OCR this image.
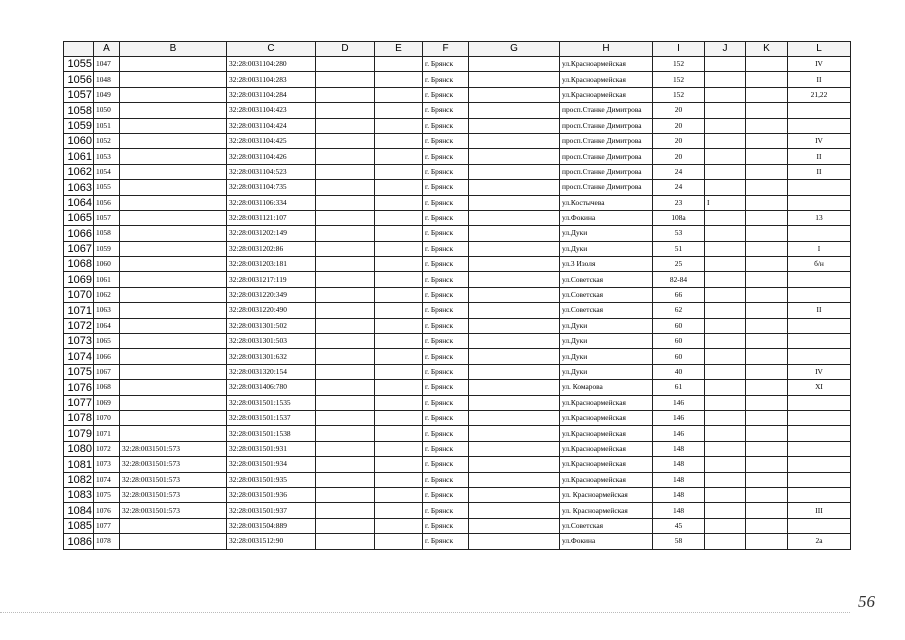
	A	B	C	D	E	F	G	H	I	J	K	L
1055	1047		32:28:0031104:280			г. Брянск		ул.Красноармейская	152			IV
1056	1048		32:28:0031104:283			г. Брянск		ул.Красноармейская	152			II
1057	1049		32:28:0031104:284			г. Брянск		ул.Красноармейская	152			21,22
1058	1050		32:28:0031104:423			г. Брянск		просп.Станке Димитрова	20			
1059	1051		32:28:0031104:424			г. Брянск		просп.Станке Димитрова	20			
1060	1052		32:28:0031104:425			г. Брянск		просп.Станке Димитрова	20			IV
1061	1053		32:28:0031104:426			г. Брянск		просп.Станке Димитрова	20			II
1062	1054		32:28:0031104:523			г. Брянск		просп.Станке Димитрова	24			II
1063	1055		32:28:0031104:735			г. Брянск		просп.Станке Димитрова	24			
1064	1056		32:28:0031106:334			г. Брянск		ул.Костычева	23	I		
1065	1057		32:28:0031121:107			г. Брянск		ул.Фокина	108а			13
1066	1058		32:28:0031202:149			г. Брянск		ул.Дуки	53			
1067	1059		32:28:0031202:86			г. Брянск		ул.Дуки	51			I
1068	1060		32:28:0031203:181			г. Брянск		ул.3 Изоля	25			б/н
1069	1061		32:28:0031217:119			г. Брянск		ул.Советская	82-84			
1070	1062		32:28:0031220:349			г. Брянск		ул.Советская	66			
1071	1063		32:28:0031220:490			г. Брянск		ул.Советская	62			II
1072	1064		32:28:0031301:502			г. Брянск		ул.Дуки	60			
1073	1065		32:28:0031301:503			г. Брянск		ул.Дуки	60			
1074	1066		32:28:0031301:632			г. Брянск		ул.Дуки	60			
1075	1067		32:28:0031320:154			г. Брянск		ул.Дуки	40			IV
1076	1068		32:28:0031406:780			г. Брянск		ул. Комарова	61			XI
1077	1069		32:28:0031501:1535			г. Брянск		ул.Красноармейская	146			
1078	1070		32:28:0031501:1537			г. Брянск		ул.Красноармейская	146			
1079	1071		32:28:0031501:1538			г. Брянск		ул.Красноармейская	146			
1080	1072	32:28:0031501:573	32:28:0031501:931			г. Брянск		ул.Красноармейская	148			
1081	1073	32:28:0031501:573	32:28:0031501:934			г. Брянск		ул.Красноармейская	148			
1082	1074	32:28:0031501:573	32:28:0031501:935			г. Брянск		ул.Красноармейская	148			
1083	1075	32:28:0031501:573	32:28:0031501:936			г. Брянск		ул. Красноармейская	148			
1084	1076	32:28:0031501:573	32:28:0031501:937			г. Брянск		ул. Красноармейская	148			III
1085	1077		32:28:0031504:889			г. Брянск		ул.Советская	45			
1086	1078		32:28:0031512:90			г. Брянск		ул.Фокина	58			2а
56
